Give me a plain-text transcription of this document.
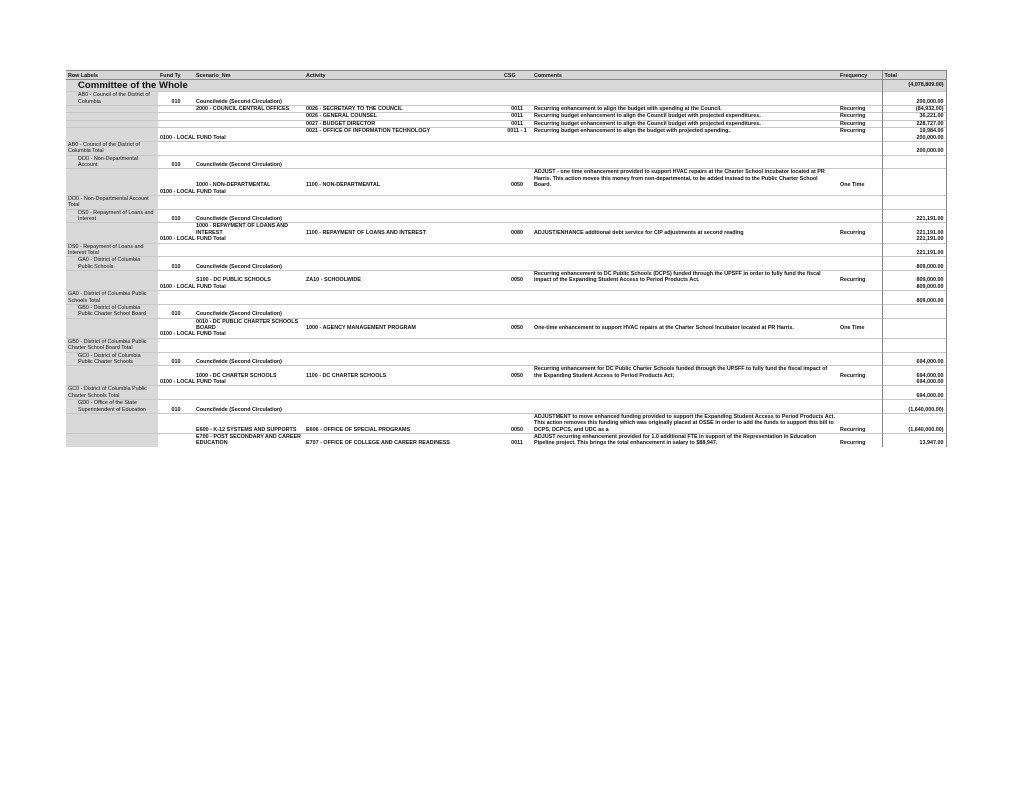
Row Labels	Fund Ty	Scenario_Nm	Activity	CSG	Comments	Frequency	Total
Committee of the Whole							(4,078,809.00)
AB0 - Council of the District of Columbia	010	Councilwide (Second Circulation)					200,000.00
		2000 - COUNCIL CENTRAL OFFICES	0026 - SECRETARY TO THE COUNCIL	0011	Recurring enhancement to align the budget with spending at the Council.	Recurring	(84,932.00)
			0026 - GENERAL COUNSEL	0011	Recurring budget enhancement to align the Council budget with projected expenditures.	Recurring	36,221.00
			0027 - BUDGET DIRECTOR	0011	Recurring budget enhancement to align the Council budget with projected expenditures.	Recurring	228,727.00
			0021 - OFFICE OF INFORMATION TECHNOLOGY	0011 - 1	Recurring budget enhancement to align the budget with projected spending.	Recurring	19,984.00
	0100 - LOCAL FUND Total						200,000.00
AB0 - Council of the District of Columbia Total							200,000.00
DO0 - Non-Departmental Account	010	Councilwide (Second Circulation)					
		1000 - NON-DEPARTMENTAL	1100 - NON-DEPARTMENTAL	0050	ADJUST - one time enhancement provided to support HVAC repairs at the Charter School incubator located at PR Harris. This action moves this money from non-departmental, to be added instead to the Public Charter School Board.	One Time	
	0100 - LOCAL FUND Total						
DO0 - Non-Departmental Account Total							
DS0 - Repayment of Loans and Interest	010	Councilwide (Second Circulation)					221,191.00
		1000 - REPAYMENT OF LOANS AND INTEREST	1100 - REPAYMENT OF LOANS AND INTEREST	0080	ADJUST/ENHANCE additional debt service for CIP adjustments at second reading	Recurring	221,191.00
	0100 - LOCAL FUND Total						221,191.00
DS0 - Repayment of Loans and Interest Total							221,191.00
GA0 - District of Columbia Public Schools	010	Councilwide (Second Circulation)					809,000.00
		S100 - DC PUBLIC SCHOOLS	ZA10 - SCHOOLWIDE	0050	Recurring enhancement to DC Public Schools (DCPS) funded through the UPSFF in order to fully fund the fiscal impact of the Expanding Student Access to Period Products Act.	Recurring	809,000.00
	0100 - LOCAL FUND Total						809,000.00
GA0 - District of Columbia Public Schools Total							809,000.00
GB0 - District of Columbia Public Charter School Board	010	Councilwide (Second Circulation)					
		0010 - DC PUBLIC CHARTER SCHOOLS BOARD	1000 - AGENCY MANAGEMENT PROGRAM	0050	One-time enhancement to support HVAC repairs at the Charter School Incubator located at PR Harris.	One Time	
	0100 - LOCAL FUND Total						
GB0 - District of Columbia Public Charter School Board Total							
GC0 - District of Columbia Public Charter Schools	010	Councilwide (Second Circulation)					694,000.00
		1000 - DC CHARTER SCHOOLS	1100 - DC CHARTER SCHOOLS	0050	Recurring enhancement for DC Public Charter Schools funded through the UPSFF to fully fund the fiscal impact of the Expanding Student Access to Period Products Act.	Recurring	694,000.00
	0100 - LOCAL FUND Total						694,000.00
GC0 - District of Columbia Public Charter Schools Total							694,000.00
GD0 - Office of the State Superintendent of Education	010	Councilwide (Second Circulation)					(1,640,000.00)
		E600 - K-12 SYSTEMS AND SUPPORTS	E606 - OFFICE OF SPECIAL PROGRAMS	0050	ADJUSTMENT to move enhanced funding provided to support the Expanding Student Access to Period Products Act. This action removes this funding which was originally placed at OSSE in order to add the funds to support this bill to DCPS, DCPCS, and UDC as a	Recurring	(1,640,000.00)
		E700 - POST SECONDARY AND CAREER EDUCATION	E707 - OFFICE OF COLLEGE AND CAREER READINESS	0011	ADJUST recurring enhancement provided for 1.0 additional FTE in support of the Representation in Education Pipeline project. This brings the total enhancement in salary to $88,947.	Recurring	13,947.00
